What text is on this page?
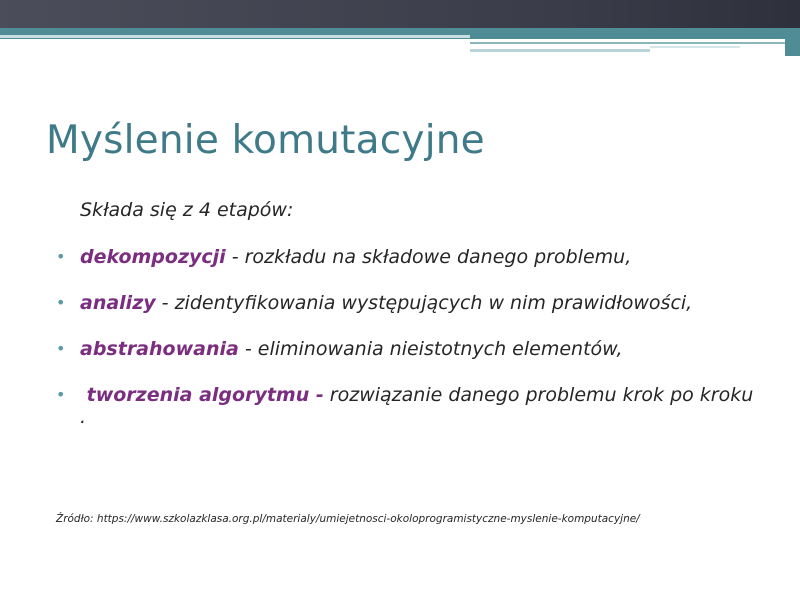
Myślenie komutacyjne

Składa się z 4 etapów:

• dekompozycji - rozkładu na składowe danego problemu,
• analizy - zidentyfikowania występujących w nim prawidłowości,
• abstrahowania - eliminowania nieistotnych elementów,
• tworzenia algorytmu - rozwiązanie danego problemu krok po kroku .

Źródło: https://www.szkolazklasa.org.pl/materialy/umiejetnosci-okoloprogramistyczne-myslenie-komputacyjne/
